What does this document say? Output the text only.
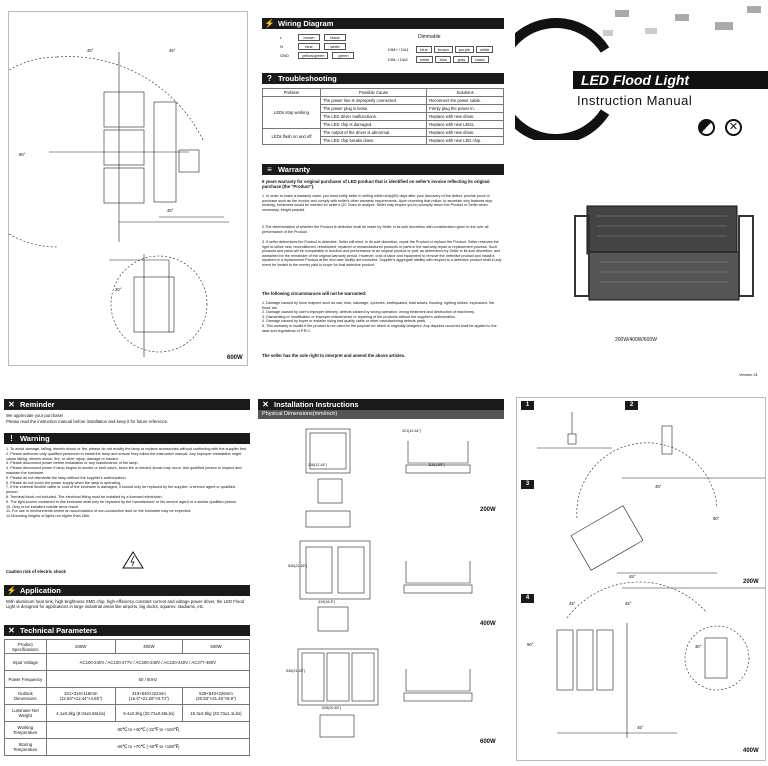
45°	45°
90°
45°
30°
600W
⚡ Wiring Diagram
L	brown	black
N	blue	white
GND	yellow/green	green
Dimmable
DIM+ / DA1	blue	brown	purple	white
DIM- / DA2	white	blue	gray	black
? Troubleshooting
Problem	Possible Cause	Solutions
LEDs stop working	The power line is improperly connected.	Reconnect the power cable.
	The power plug is loose.	Firmly plug the power in.
	The LED driver malfunctions.	Replace with new driver.
	The LED chip is damaged.	Replace with new LEDs.
LEDs flash on and off	The output of the driver is abnormal.	Replace with new driver.
	The LED chip breaks down.	Replace with new LED chip.
≡ Warranty
5 years warranty for original purchaser of LED product that is identified on seller's invoice reflecting its original purchase (the "Product").
1. In order to make a warranty claim, you must notify seller in writing within sixty(60) days after your discovery of the defect, provide proof of purchase such as the invoice and comply with seller's other warranty requirements. Upon receiving that notice, to ascertain why features stop working, evidences would be needed for seller's QC Team to analyze. Seller may require you to promptly return the Product to Seller when necessary, freight prepaid.
2.The determination of whether the Product is defective shall be made by Seller in its sole discretion with consideration given to the over all performance of the Product.
3. If seller determines the Product is defective, Seller will elect, in its sole discretion, repair the Product or replace the Product. Seller reserves the right to utilize new, reconditioned, refurbished, repaired or remanufactured products or parts in the warranty repair or replacement process. Such products and parts will be comparable in function and performance to an original product or part, as determined by Seller in its sole discretion, and warranted for the remainder of the original warranty period. However, cost of labor and equipment to remove the defective product and install a repaired or a replacement Product at the end-user facility are excluded. Supplier's aggregate liability with respect to a defective product shall in any event be limited to the money paid to buyer for that defective product.
The following circumstances will not be warranted:
1. Damage caused by force majeure such as war, riots, sabotage, cyclones, earthquakes, tidal waves, flooding, lighting strikes, explosions, fire, flood, etc.
2. Damage caused by user's improper delivery, defects caused by wrong operation, wrong treatment and destruction of machinery.
3. Dismantling or modification or improper maintenance or repairing of the products without the supplier's authorization.
4. Damage caused by buyer or installer using bad quality cable or other manufacturing defects parts.
5. This warranty is invalid if the product is not used for the purpose for which is originally designed. Any disputes occurred shall be applied to the laws and regulations of P.R.C.
The seller has the sole right to interpret and amend the above articles.
LED Flood Light
Instruction Manual
✕
200W/400W/600W
Version 01
✕ Reminder
We appreciate your purchase!
Please read the instruction manual before installation and keep it for future reference.
! Warning
1. To avoid damage, falling, electric shock or fire, please do not modify the lamp or replace accessories without confirming with the supplier first.
2. Please authorize only qualified personnel to install the lamp and ensure they follow the instruction manual. Any improper installation might cause falling, electric shock, fire, or other injury, damage or hazard.
3. Please disconnect power before installation or any maintenance of the lamp.
4. Please disconnect power if lamp begins to smoke or emit odors, since fire or electric shock may occur. Ask qualified person to inspect and maintain the luminaire.
5. Please do not dismantle the lamp without the supplier's authorization.
6. Please do not touch the power supply when the lamp is operating.
7. If the external flexible cable or cord of the luminaire is damaged, it should only be replaced by the supplier, a service agent or qualified person.
8. Terminal block not included. The electrical fitting must be installed by a licensed electrician.
9. The light source contained in this luminaire shall only be replaced by the manufacturer or his service agent or a similar qualified person.
10. Only to be installed outside arms reach.
11. For use in environments where an accumulation of non-conductive dust on the luminaire may be expected.
12.Mounting heights of lights not higher than 28m.
Caution risk of electric shock
⚡ Application
With aluminum heat sink, high-brightness SMD chip, high-efficiency constant current and voltage power driver, the LED Flood Light is designed for applications in large industrial areas like airports, big docks, squares, stadiums, etc.
✕ Technical Parameters
Product Specifications	200W	400W	600W
Input Voltage	AC100-240V / AC100-277V / AC200-240V / AC220-240V / AC277-480V		
Power Frequency	50 / 60Hz		
Outlook Dimensions	321×316×118mm (12.64"×12.44"×4.65")	419×540×222mm (16.5"×21.26"×8.74")	528×540×226mm (20.83"×21.26"×8.9")
Luminaire Net Weight	4.1±0.3kg (9.04±0.66Lbs)	9.4±0.3kg (20.72±0.66Lbs)	15.3±0.5kg (33.73±1.1Lbs)
Working Temperature	-30℃ to +40℃ (-22℉ to +104℉)		
Storing Temperature	-40℃ to +70℃ (-40℉ to +158℉)		
✕ Installation Instructions
Physical Dimensions(mm/inch)
321(12.64")
316(12.44")	118(4.65")
419(16.5")
540(21.26")
528(20.83")
540(21.26")
200W
400W
600W
1	2
3
4
45°
90°
45°
45°	45°
90°	30°
45°
200W
400W
